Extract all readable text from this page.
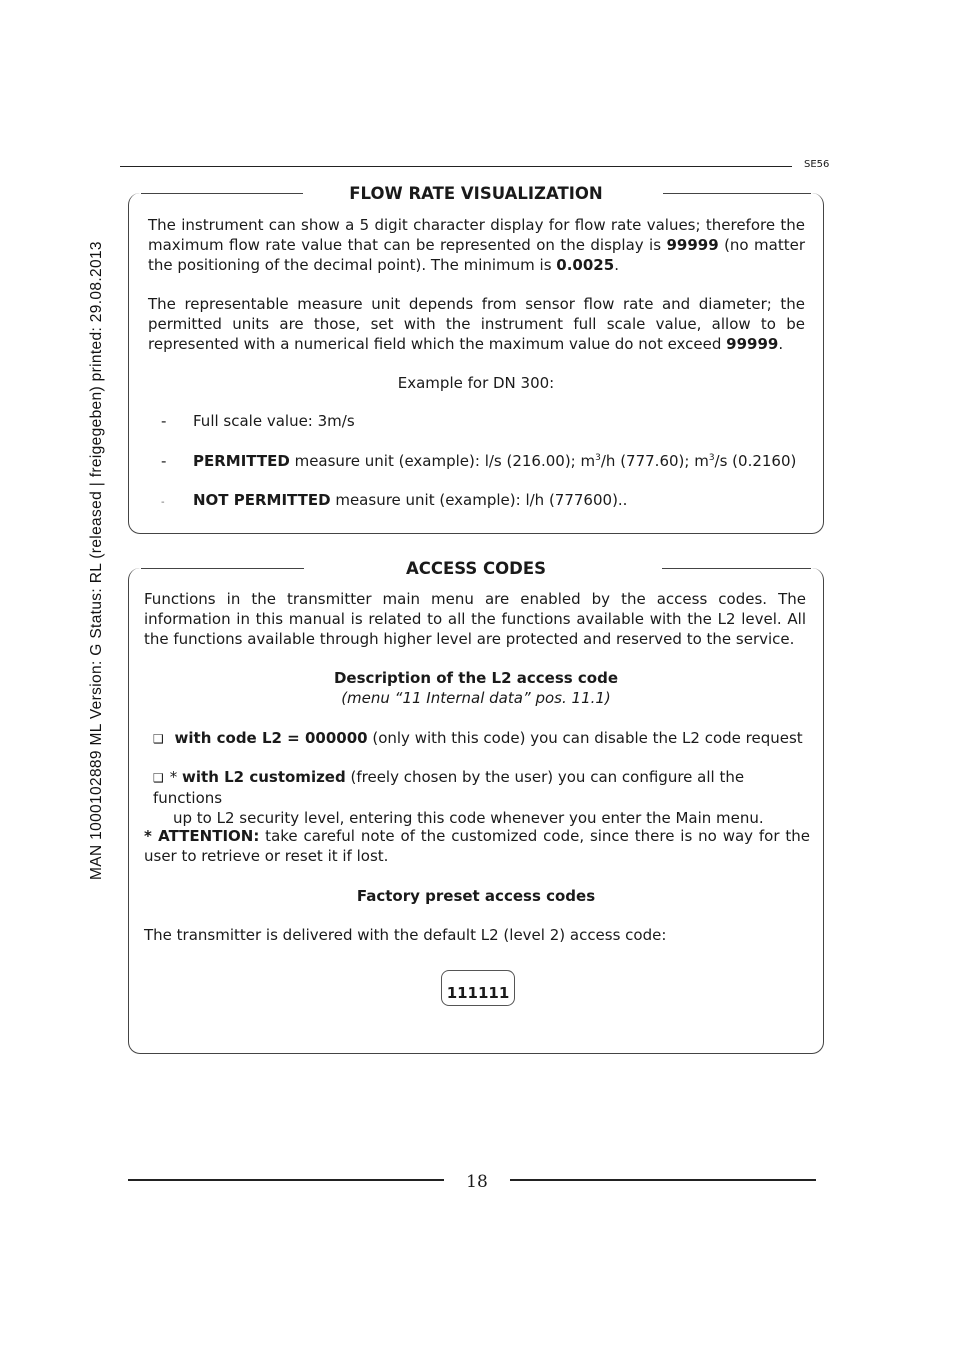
MAN 1000102889 ML Version: G Status: RL (released | freigegeben) printed: 29.08.2013
SE56
FLOW RATE VISUALIZATION
The instrument can show a 5 digit character display for flow rate values; therefore the maximum flow rate value that can be represented on the display is 99999 (no matter the positioning of the decimal point). The minimum is 0.0025.
The representable measure unit depends from sensor flow rate and diameter; the permitted units are those, set with the instrument full scale value, allow to be represented with a numerical field which the maximum value do not exceed 99999.
Example for DN 300:
- Full scale value: 3m/s
- PERMITTED measure unit (example): l/s (216.00); $m^3/h$ (777.60); $m^3/s$ (0.2160)
- NOT PERMITTED measure unit (example): l/h (777600)..
ACCESS CODES
Functions in the transmitter main menu are enabled by the access codes. The information in this manual is related to all the functions available with the L2 level. All the functions available through higher level are protected and reserved to the service.
Description of the L2 access code
(menu “11 Internal data” pos. 11.1)
❑ with code L2 = 000000 (only with this code) you can disable the L2 code request
❑ * with L2 customized (freely chosen by the user) you can configure all the functions
up to L2 security level, entering this code whenever you enter the Main menu.
* ATTENTION: take careful note of the customized code, since there is no way for the user to retrieve or reset it if lost.
Factory preset access codes
The transmitter is delivered with the default L2 (level 2) access code:
111111
18
